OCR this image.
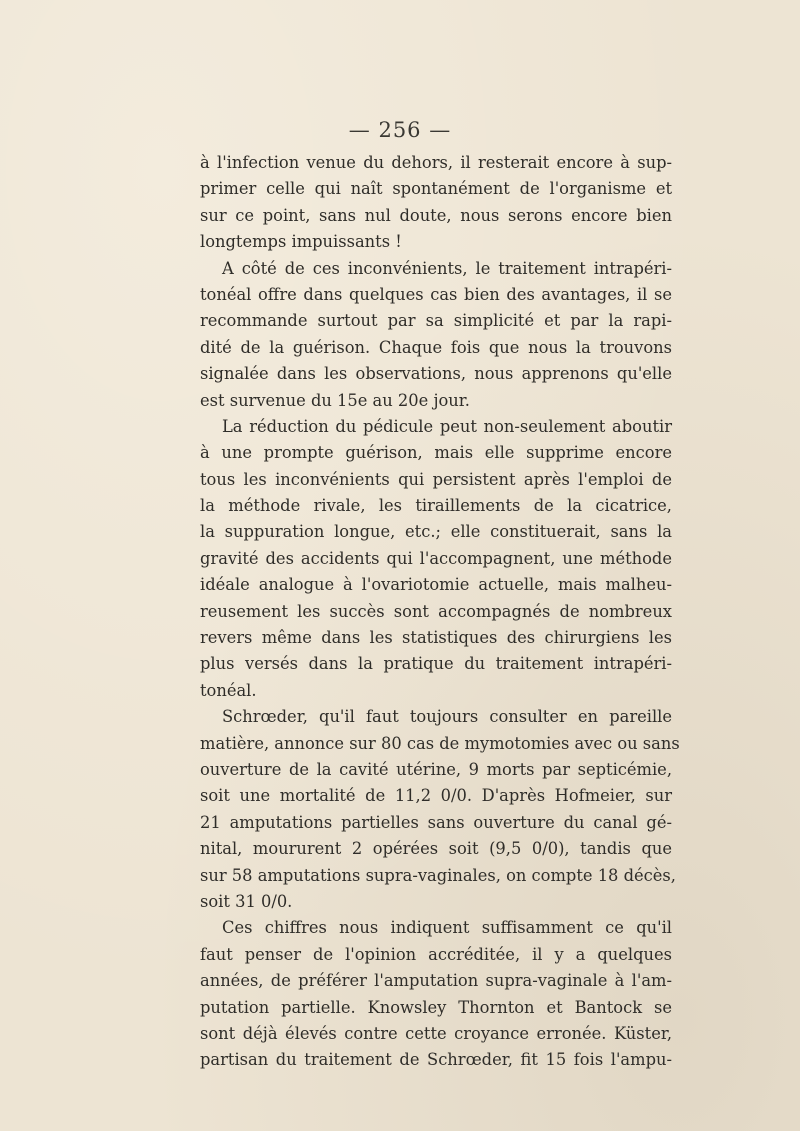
— 256 —
à l'infection venue du dehors, il resterait encore à sup-
primer celle qui naît spontanément de l'organisme et
sur ce point, sans nul doute, nous serons encore bien
longtemps impuissants !
A côté de ces inconvénients, le traitement intrapéri-
tonéal offre dans quelques cas bien des avantages, il se
recommande surtout par sa simplicité et par la rapi-
dité de la guérison. Chaque fois que nous la trouvons
signalée dans les observations, nous apprenons qu'elle
est survenue du 15e au 20e jour.
La réduction du pédicule peut non-seulement aboutir
à une prompte guérison, mais elle supprime encore
tous les inconvénients qui persistent après l'emploi de
la méthode rivale, les tiraillements de la cicatrice,
la suppuration longue, etc.; elle constituerait, sans la
gravité des accidents qui l'accompagnent, une méthode
idéale analogue à l'ovariotomie actuelle, mais malheu-
reusement les succès sont accompagnés de nombreux
revers même dans les statistiques des chirurgiens les
plus versés dans la pratique du traitement intrapéri-
tonéal.
Schrœder, qu'il faut toujours consulter en pareille
matière, annonce sur 80 cas de mymotomies avec ou sans
ouverture de la cavité utérine, 9 morts par septicémie,
soit une mortalité de 11,2 0/0. D'après Hofmeier, sur
21 amputations partielles sans ouverture du canal gé-
nital, moururent 2 opérées soit (9,5 0/0), tandis que
sur 58 amputations supra-vaginales, on compte 18 décès,
soit 31 0/0.
Ces chiffres nous indiquent suffisamment ce qu'il
faut penser de l'opinion accréditée, il y a quelques
années, de préférer l'amputation supra-vaginale à l'am-
putation partielle. Knowsley Thornton et Bantock se
sont déjà élevés contre cette croyance erronée. Küster,
partisan du traitement de Schrœder, fit 15 fois l'ampu-
